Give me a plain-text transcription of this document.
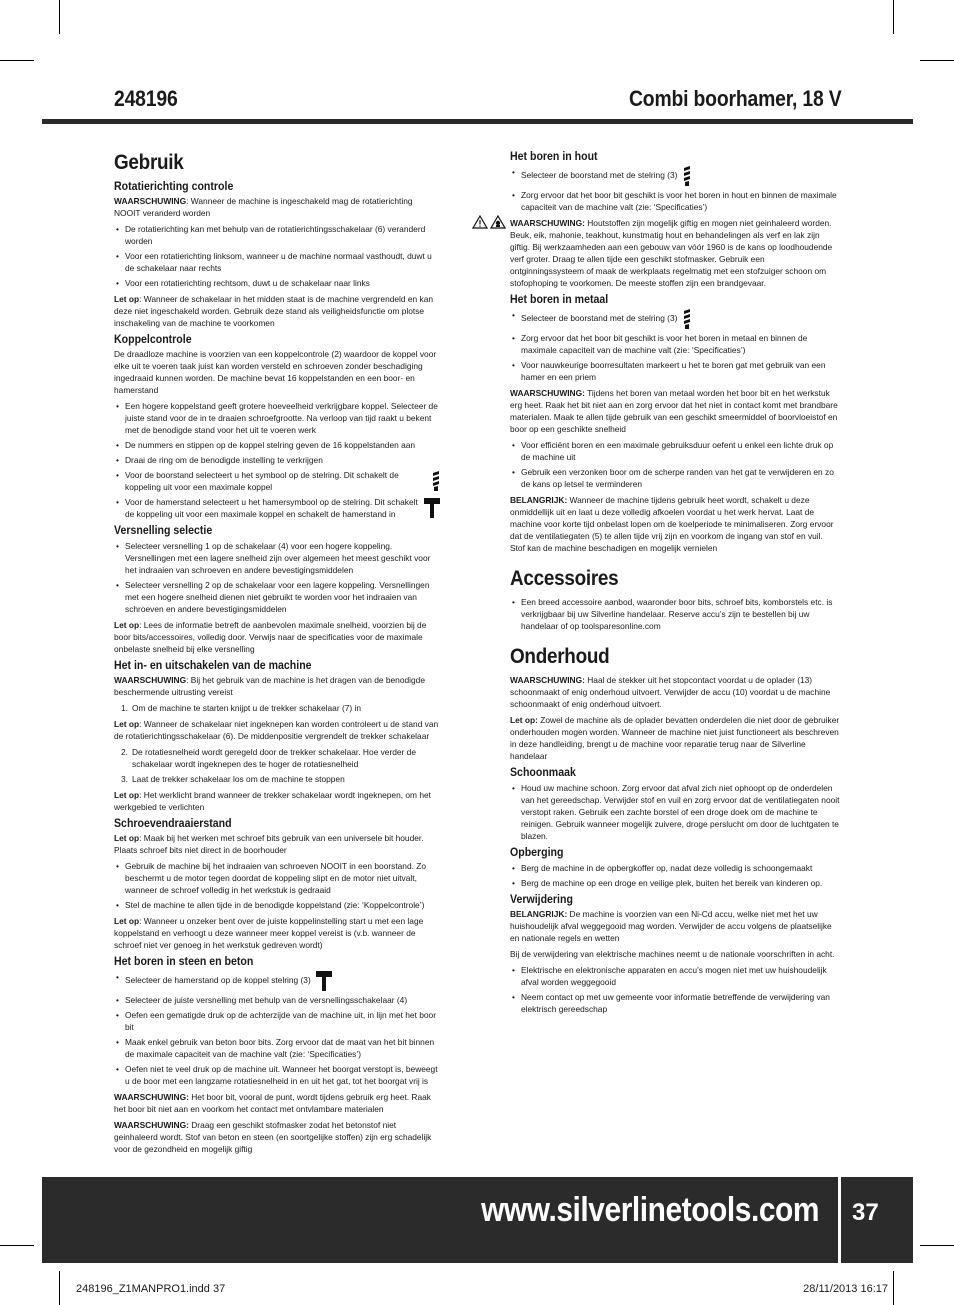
248196	Combi boorhamer, 18 V
Gebruik
Rotatierichting controle
WAARSCHUWING: Wanneer de machine is ingeschakeld mag de rotatierichting NOOIT veranderd worden
• De rotatierichting kan met behulp van de rotatierichtingsschakelaar (6) veranderd worden
• Voor een rotatierichting linksom, wanneer u de machine normaal vasthoudt, duwt u de schakelaar naar rechts
• Voor een rotatierichting rechtsom, duwt u de schakelaar naar links
Let op: Wanneer de schakelaar in het midden staat is de machine vergrendeld en kan deze niet ingeschakeld worden. Gebruik deze stand als veiligheidsfunctie om plotse inschakeling van de machine te voorkomen
Koppelcontrole
De draadloze machine is voorzien van een koppelcontrole (2) waardoor de koppel voor elke uit te voeren taak juist kan worden versteld en schroeven zonder beschadiging ingedraaid kunnen worden. De machine bevat 16 koppelstanden en een boor- en hamerstand
• Een hogere koppelstand geeft grotere hoeveelheid verkrijgbare koppel. Selecteer de juiste stand voor de in te draaien schroefgrootte. Na verloop van tijd raakt u bekent met de benodigde stand voor het uit te voeren werk
• De nummers en stippen op de koppel stelring geven de 16 koppelstanden aan
• Draai de ring om de benodigde instelling te verkrijgen
• Voor de boorstand selecteert u het symbool op de stelring. Dit schakelt de koppeling uit voor een maximale koppel
• Voor de hamerstand selecteert u het hamersymbool op de stelring. Dit schakelt de koppeling uit voor een maximale koppel en schakelt de hamerstand in
Versnelling selectie
• Selecteer versnelling 1 op de schakelaar (4) voor een hogere koppeling. Versnellingen met een lagere snelheid zijn over algemeen het meest geschikt voor het indraaien van schroeven en andere bevestigingsmiddelen
• Selecteer versnelling 2 op de schakelaar voor een lagere koppeling. Versnellingen met een hogere snelheid dienen niet gebruikt te worden voor het indraaien van schroeven en andere bevestigingsmiddelen
Let op: Lees de informatie betreft de aanbevolen maximale snelheid, voorzien bij de boor bits/accessoires, volledig door. Verwijs naar de specificaties voor de maximale onbelaste snelheid bij elke versnelling
Het in- en uitschakelen van de machine
WAARSCHUWING: Bij het gebruik van de machine is het dragen van de benodigde beschermende uitrusting vereist
1. Om de machine te starten knijpt u de trekker schakelaar (7) in
Let op: Wanneer de schakelaar niet ingeknepen kan worden controleert u de stand van de rotatierichtingsschakelaar (6). De middenpositie vergrendelt de trekker schakelaar
2. De rotatiesnelheid wordt geregeld door de trekker schakelaar. Hoe verder de schakelaar wordt ingeknepen des te hoger de rotatiesnelheid
3. Laat de trekker schakelaar los om de machine te stoppen
Let op: Het werklicht brand wanneer de trekker schakelaar wordt ingeknepen, om het werkgebied te verlichten
Schroevendraaierstand
Let op: Maak bij het werken met schroef bits gebruik van een universele bit houder. Plaats schroef bits niet direct in de boorhouder
• Gebruik de machine bij het indraaien van schroeven NOOIT in een boorstand. Zo beschermt u de motor tegen doordat de koppeling slipt en de motor niet uitvalt, wanneer de schroef volledig in het werkstuk is gedraaid
• Stel de machine te allen tijde in de benodigde koppelstand (zie: ‘Koppelcontrole’)
Let op: Wanneer u onzeker bent over de juiste koppelinstelling start u met een lage koppelstand en verhoogt u deze wanneer meer koppel vereist is (v.b. wanneer de schroef niet ver genoeg in het werkstuk gedreven wordt)
Het boren in steen en beton
• Selecteer de hamerstand op de koppel stelring (3)
• Selecteer de juiste versnelling met behulp van de versnellingsschakelaar (4)
• Oefen een gematigde druk op de achterzijde van de machine uit, in lijn met het boor bit
• Maak enkel gebruik van beton boor bits. Zorg ervoor dat de maat van het bit binnen de maximale capaciteit van de machine valt (zie: ‘Specificaties’)
• Oefen niet te veel druk op de machine uit. Wanneer het boorgat verstopt is, beweegt u de boor met een langzame rotatiesnelheid in en uit het gat, tot het boorgat vrij is
WAARSCHUWING: Het boor bit, vooral de punt, wordt tijdens gebruik erg heet. Raak het boor bit niet aan en voorkom het contact met ontvlambare materialen
WAARSCHUWING: Draag een geschikt stofmasker zodat het betonstof niet geinhaleerd wordt. Stof van beton en steen (en soortgelijke stoffen) zijn erg schadelijk voor de gezondheid en mogelijk giftig
Het boren in hout
• Selecteer de boorstand met de stelring (3)
• Zorg ervoor dat het boor bit geschikt is voor het boren in hout en binnen de maximale capaciteit van de machine valt (zie: ‘Specificaties’)
WAARSCHUWING: Houtstoffen zijn mogelijk giftig en mogen niet geinhaleerd worden. Beuk, eik, mahonie, teakhout, kunstmatig hout en behandelingen als verf en lak zijn giftig. Bij werkzaamheden aan een gebouw van vóór 1960 is de kans op loodhoudende verf groter. Draag te allen tijde een geschikt stofmasker. Gebruik een ontginningssysteem of maak de werkplaats regelmatig met een stofzuiger schoon om stofophoping te voorkomen. De meeste stoffen zijn een brandgevaar.
Het boren in metaal
• Selecteer de boorstand met de stelring (3)
• Zorg ervoor dat het boor bit geschikt is voor het boren in metaal en binnen de maximale capaciteit van de machine valt (zie: ‘Specificaties’)
• Voor nauwkeurige boorresultaten markeert u het te boren gat met gebruik van een hamer en een priem
WAARSCHUWING: Tijdens het boren van metaal worden het boor bit en het werkstuk erg heet. Raak het bit niet aan en zorg ervoor dat het niet in contact komt met brandbare materialen. Maak te allen tijde gebruik van een geschikt smeermiddel of boorvloeistof en boor op een geschikte snelheid
• Voor efficiënt boren en een maximale gebruiksduur oefent u enkel een lichte druk op de machine uit
• Gebruik een verzonken boor om de scherpe randen van het gat te verwijderen en zo de kans op letsel te verminderen
BELANGRIJK: Wanneer de machine tijdens gebruik heet wordt, schakelt u deze onmiddellijk uit en laat u deze volledig afkoelen voordat u het werk hervat. Laat de machine voor korte tijd onbelast lopen om de koelperiode te minimaliseren. Zorg ervoor dat de ventilatiegaten (5) te allen tijde vrij zijn en voorkom de ingang van stof en vuil. Stof kan de machine beschadigen en mogelijk vernielen
Accessoires
• Een breed accessoire aanbod, waaronder boor bits, schroef bits, komborstels etc. is verkrijgbaar bij uw Silverline handelaar. Reserve accu’s zijn te bestellen bij uw handelaar of op toolsparesonline.com
Onderhoud
WAARSCHUWING: Haal de stekker uit het stopcontact voordat u de oplader (13) schoonmaakt of enig onderhoud uitvoert. Verwijder de accu (10) voordat u de machine schoonmaakt of enig onderhoud uitvoert.
Let op: Zowel de machine als de oplader bevatten onderdelen die niet door de gebruiker onderhouden mogen worden. Wanneer de machine niet juist functioneert als beschreven in deze handleiding, brengt u de machine voor reparatie terug naar de Silverline handelaar
Schoonmaak
• Houd uw machine schoon. Zorg ervoor dat afval zich niet ophoopt op de onderdelen van het gereedschap. Verwijder stof en vuil en zorg ervoor dat de ventilatiegaten nooit verstopt raken. Gebruik een zachte borstel of een droge doek om de machine te reinigen. Gebruik wanneer mogelijk zuivere, droge perslucht om door de luchtgaten te blazen.
Opberging
• Berg de machine in de opbergkoffer op, nadat deze volledig is schoongemaakt
• Berg de machine op een droge en veilige plek, buiten het bereik van kinderen op.
Verwijdering
BELANGRIJK: De machine is voorzien van een Ni-Cd accu, welke niet met het uw huishoudelijk afval weggegooid mag worden. Verwijder de accu volgens de plaatselijke en nationale regels en wetten
Bij de verwijdering van elektrische machines neemt u de nationale voorschriften in acht.
• Elektrische en elektronische apparaten en accu’s mogen niet met uw huishoudelijk afval worden weggegooid
• Neem contact op met uw gemeente voor informatie betreffende de verwijdering van elektrisch gereedschap
www.silverlinetools.com 37
248196_Z1MANPRO1.indd 37	28/11/2013 16:17
